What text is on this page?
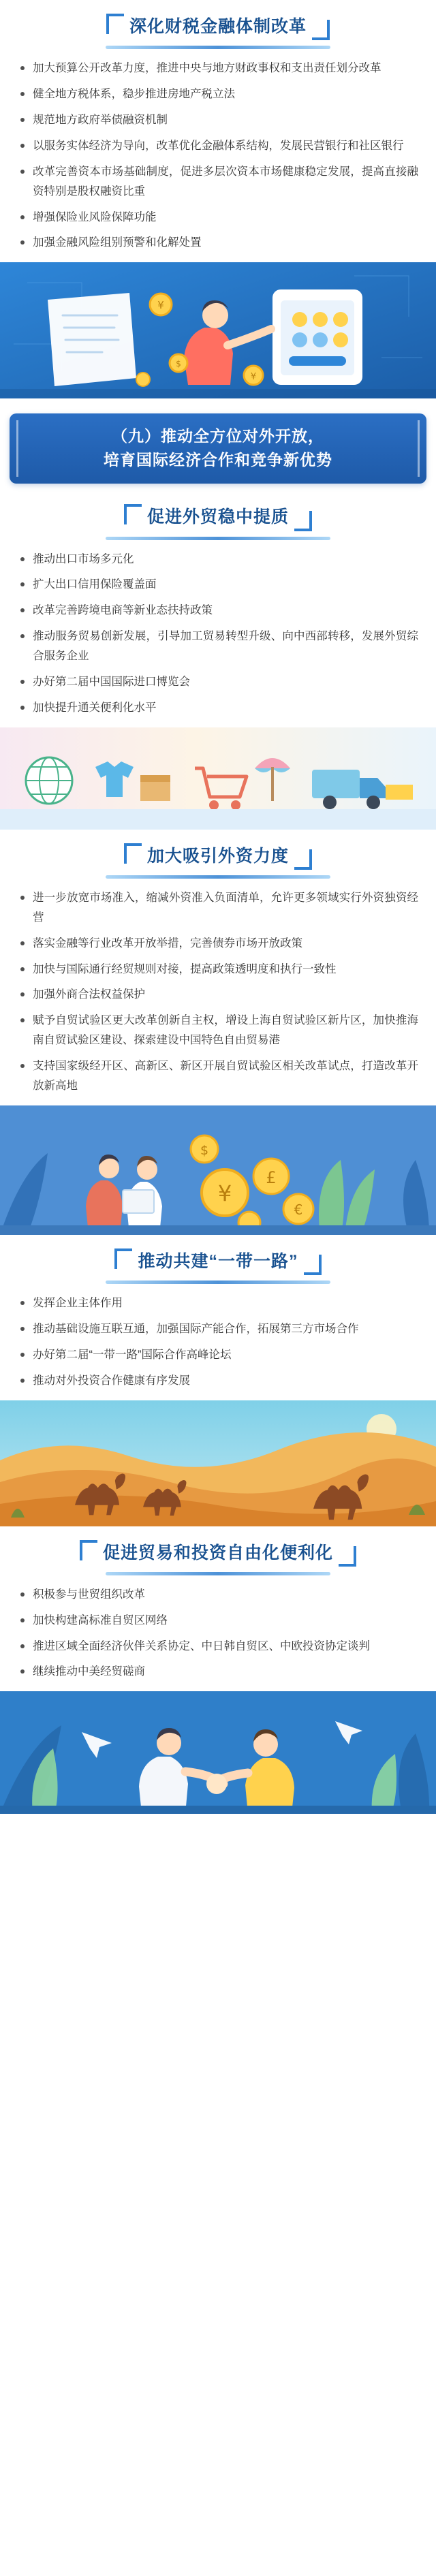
深化财税金融体制改革
加大预算公开改革力度，推进中央与地方财政事权和支出责任划分改革
健全地方税体系，稳步推进房地产税立法
规范地方政府举债融资机制
以服务实体经济为导向，改革优化金融体系结构，发展民营银行和社区银行
改革完善资本市场基础制度，促进多层次资本市场健康稳定发展，提高直接融资特别是股权融资比重
增强保险业风险保障功能
加强金融风险组别预警和化解处置
¥
$
¥
（九）推动全方位对外开放，
培育国际经济合作和竞争新优势
促进外贸稳中提质
推动出口市场多元化
扩大出口信用保险覆盖面
改革完善跨境电商等新业态扶持政策
推动服务贸易创新发展，引导加工贸易转型升级、向中西部转移，发展外贸综合服务企业
办好第二届中国国际进口博览会
加快提升通关便利化水平
加大吸引外资力度
进一步放宽市场准入，缩减外资准入负面清单，允许更多领域实行外资独资经营
落实金融等行业改革开放举措，完善债券市场开放政策
加快与国际通行经贸规则对接，提高政策透明度和执行一致性
加强外商合法权益保护
赋予自贸试验区更大改革创新自主权，增设上海自贸试验区新片区，加快推海南自贸试验区建设、探索建设中国特色自由贸易港
支持国家级经开区、高新区、新区开展自贸试验区相关改革试点，打造改革开放新高地
¥
£
$
€
推动共建“一带一路”
发挥企业主体作用
推动基础设施互联互通，加强国际产能合作，拓展第三方市场合作
办好第二届“一带一路”国际合作高峰论坛
推动对外投资合作健康有序发展
促进贸易和投资自由化便利化
积极参与世贸组织改革
加快构建高标准自贸区网络
推进区域全面经济伙伴关系协定、中日韩自贸区、中欧投资协定谈判
继续推动中美经贸磋商
